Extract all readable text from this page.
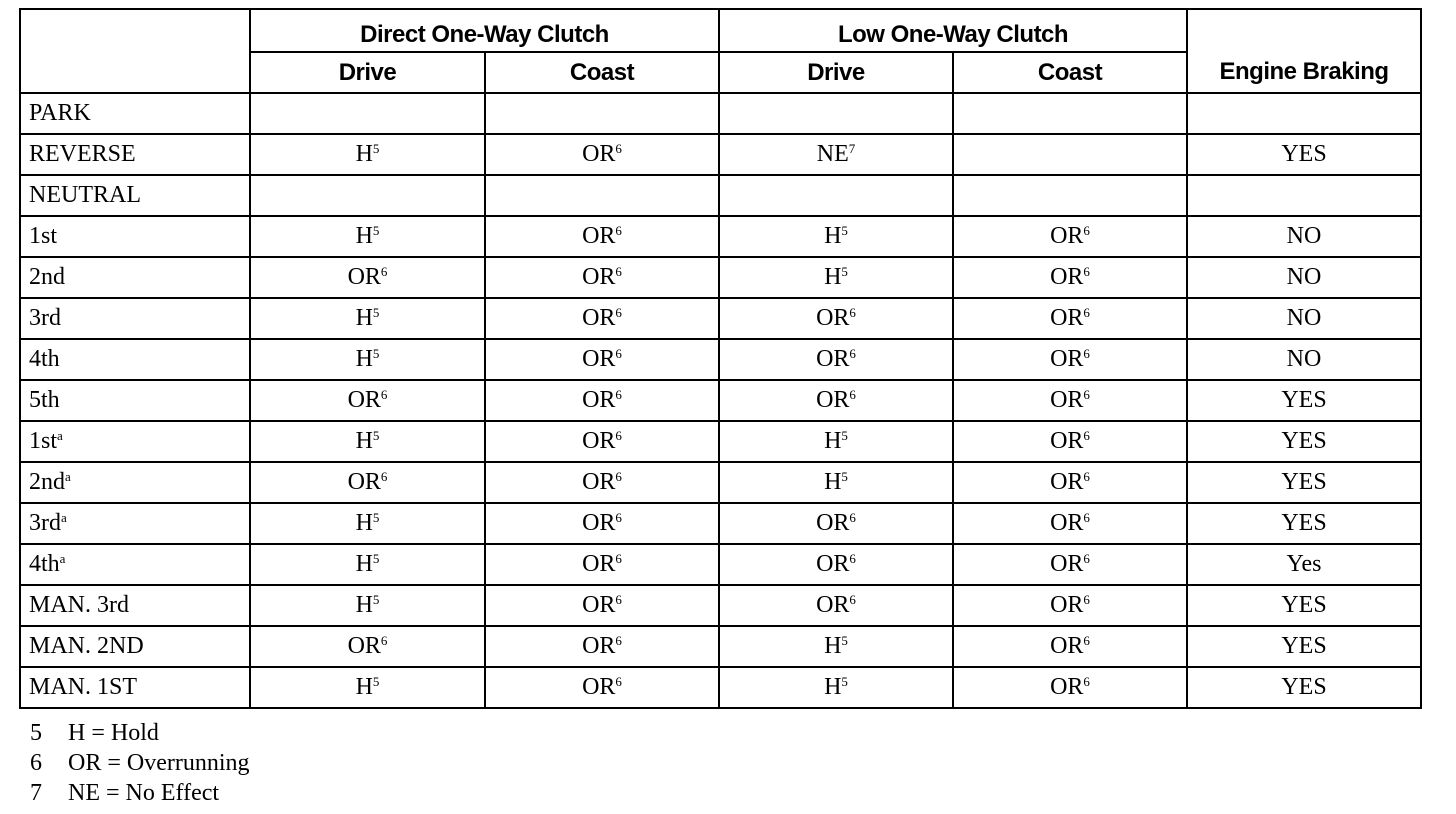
	Direct One-Way Clutch		Low One-Way Clutch		Engine Braking
	Drive	Coast	Drive	Coast	
PARK					
REVERSE	$H^5$	$OR^6$	$NE^7$		YES
NEUTRAL					
1st	$H^5$	$OR^6$	$H^5$	$OR^6$	NO
2nd	$OR^6$	$OR^6$	$H^5$	$OR^6$	NO
3rd	$H^5$	$OR^6$	$OR^6$	$OR^6$	NO
4th	$H^5$	$OR^6$	$OR^6$	$OR^6$	NO
5th	$OR^6$	$OR^6$	$OR^6$	$OR^6$	YES
$1st^a$	$H^5$	$OR^6$	$H^5$	$OR^6$	YES
$2nd^a$	$OR^6$	$OR^6$	$H^5$	$OR^6$	YES
$3rd^a$	$H^5$	$OR^6$	$OR^6$	$OR^6$	YES
$4th^a$	$H^5$	$OR^6$	$OR^6$	$OR^6$	Yes
MAN. 3rd	$H^5$	$OR^6$	$OR^6$	$OR^6$	YES
MAN. 2ND	$OR^6$	$OR^6$	$H^5$	$OR^6$	YES
MAN. 1ST	$H^5$	$OR^6$	$H^5$	$OR^6$	YES
5 H = Hold
6 OR = Overrunning
7 NE = No Effect
